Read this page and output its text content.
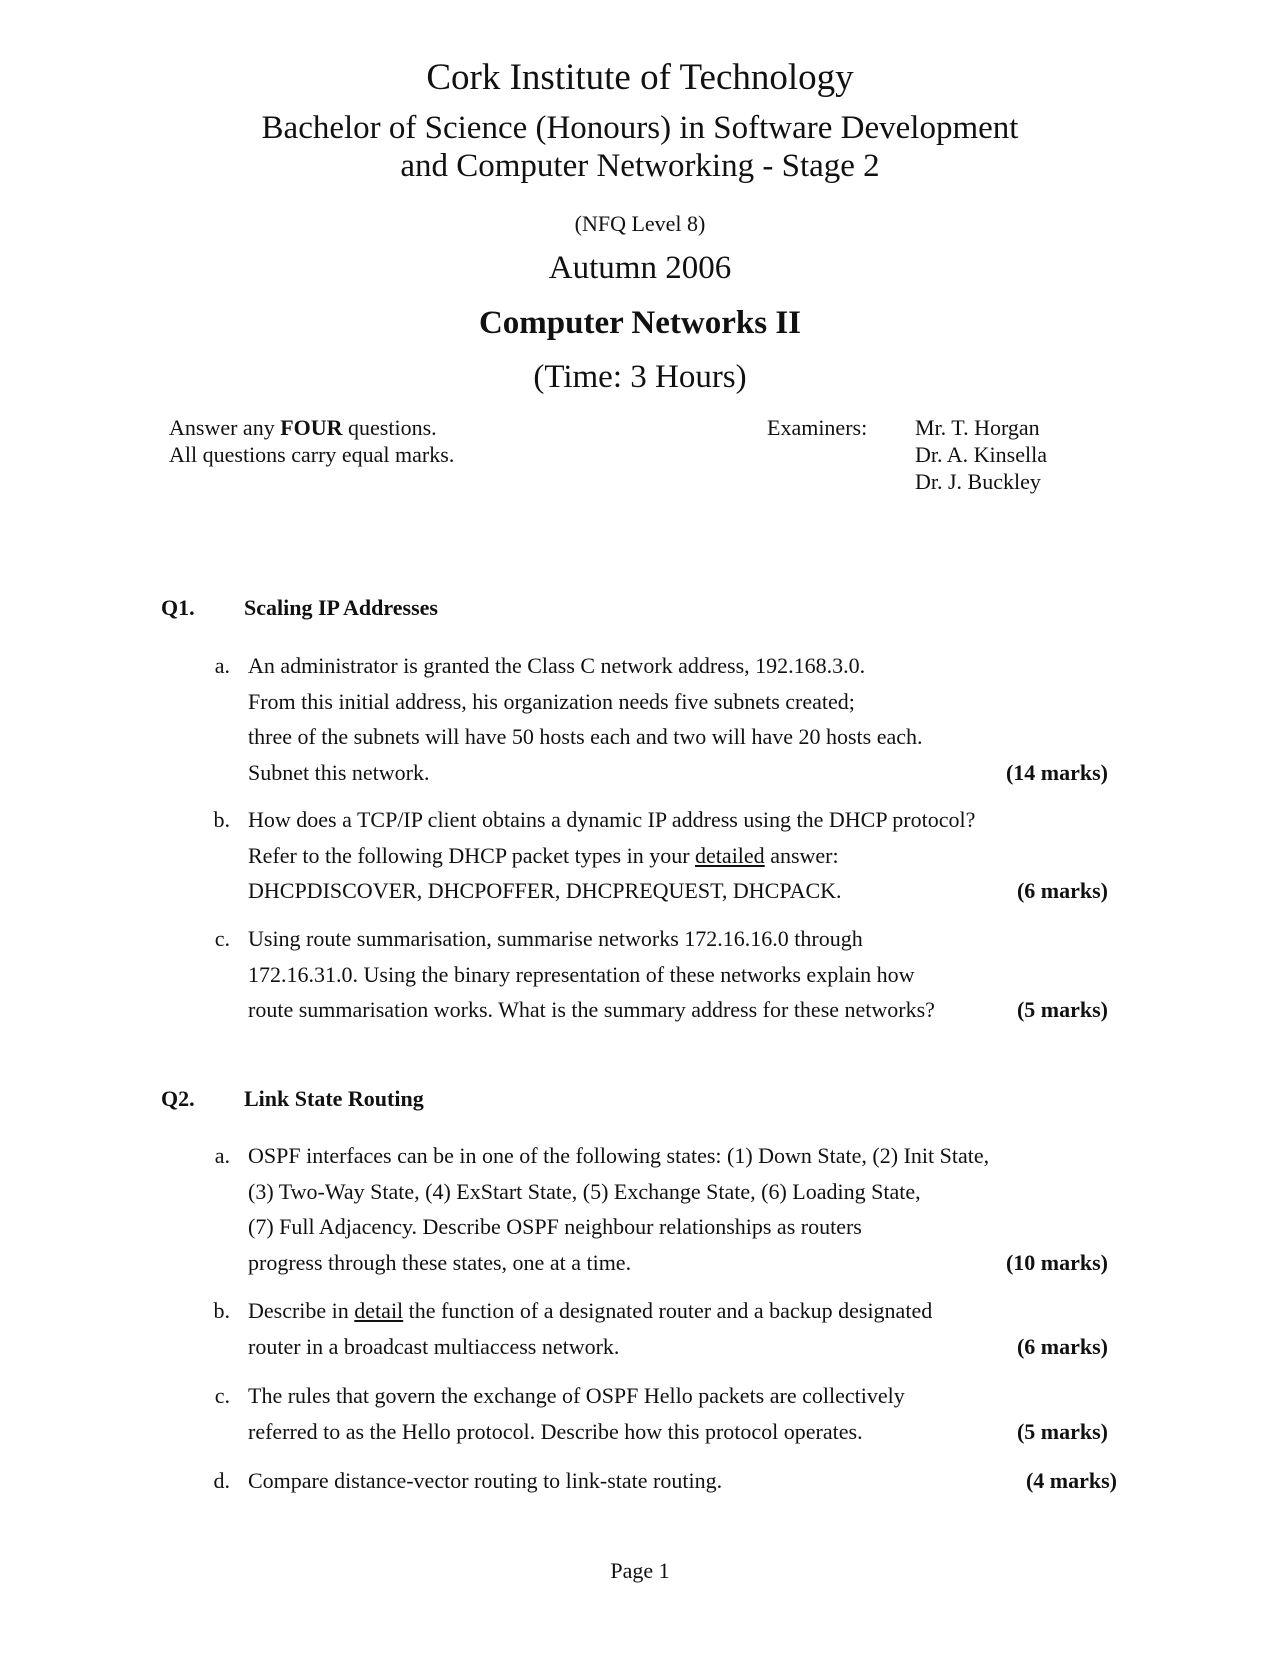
Cork Institute of Technology
Bachelor of Science (Honours) in Software Development
and Computer Networking - Stage 2
(NFQ Level 8)
Autumn 2006
Computer Networks II
(Time: 3 Hours)
Answer any FOUR questions.
All questions carry equal marks.
Examiners: Mr. T. Horgan
Dr. A. Kinsella
Dr. J. Buckley
Q1. Scaling IP Addresses
a. An administrator is granted the Class C network address, 192.168.3.0.
From this initial address, his organization needs five subnets created;
three of the subnets will have 50 hosts each and two will have 20 hosts each.
Subnet this network.	(14 marks)
b. How does a TCP/IP client obtains a dynamic IP address using the DHCP protocol?
Refer to the following DHCP packet types in your detailed answer:
DHCPDISCOVER, DHCPOFFER, DHCPREQUEST, DHCPACK.	(6 marks)
c. Using route summarisation, summarise networks 172.16.16.0 through
172.16.31.0. Using the binary representation of these networks explain how
route summarisation works. What is the summary address for these networks?	(5 marks)
Q2. Link State Routing
a. OSPF interfaces can be in one of the following states: (1) Down State, (2) Init State,
(3) Two-Way State, (4) ExStart State, (5) Exchange State, (6) Loading State,
(7) Full Adjacency. Describe OSPF neighbour relationships as routers
progress through these states, one at a time.	(10 marks)
b. Describe in detail the function of a designated router and a backup designated
router in a broadcast multiaccess network.	(6 marks)
c. The rules that govern the exchange of OSPF Hello packets are collectively
referred to as the Hello protocol. Describe how this protocol operates.	(5 marks)
d. Compare distance-vector routing to link-state routing.	(4 marks)
Page 1
